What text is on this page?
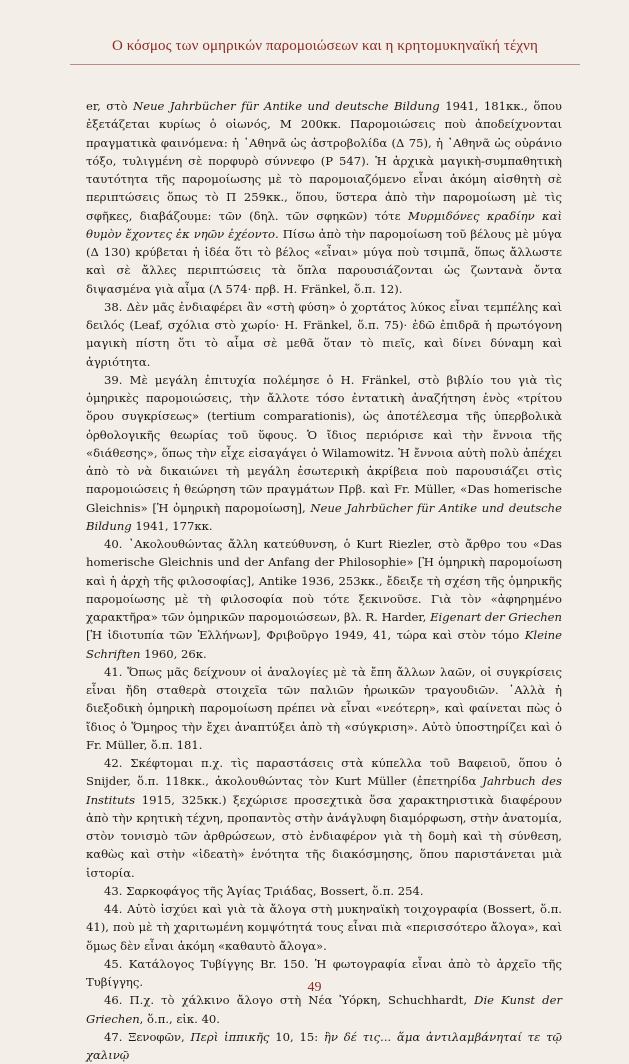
Ο κόσμος των ομηρικών παρομοιώσεων και η κρητομυκηναϊκή τέχνη

er, στὸ Neue Jahrbücher für Antike und deutsche Bildung 1941, 181κκ., ὅπου ἐξετάζεται κυρίως ὁ οἰωνός, Μ 200κκ. Παρομοιώσεις ποὺ ἀποδείχνονται πραγματικὰ φαινόμενα: ἡ ᾿Αθηνᾶ ὡς ἀστροβολίδα (Δ 75), ἡ ᾿Αθηνᾶ ὡς οὐράνιο τόξο, τυλιγμένη σὲ πορφυρὸ σύννεφο (Ρ 547). Ἡ ἀρχικὰ μαγικὴ-συμπαθητικὴ ταυτότητα τῆς παρομοίωσης μὲ τὸ παρομοιαζόμενο εἶναι ἀκόμη αἰσθητὴ σὲ περιπτώσεις ὅπως τὸ Π 259κκ., ὅπου, ὕστερα ἀπὸ τὴν παρομοίωση μὲ τὶς σφῆκες, διαβάζουμε: τῶν (δηλ. τῶν σφηκῶν) τότε Μυρμιδόνες κραδίην καὶ θυμὸν ἔχοντες ἐκ νηῶν ἐχέοντο. Πίσω ἀπὸ τὴν παρομοίωση τοῦ βέλους μὲ μύγα (Δ 130) κρύβεται ἡ ἰδέα ὅτι τὸ βέλος «εἶναι» μύγα ποὺ τσιμπᾶ, ὅπως ἄλλωστε καὶ σὲ ἄλλες περιπτώσεις τὰ ὅπλα παρουσιάζονται ὡς ζωντανὰ ὄντα διψασμένα γιὰ αἷμα (Λ 574· πρβ. H. Fränkel, ὅ.π. 12).

38. Δὲν μᾶς ἐνδιαφέρει ἂν «στὴ φύση» ὁ χορτάτος λύκος εἶναι τεμπέλης καὶ δειλός (Leaf, σχόλια στὸ χωρίο· H. Fränkel, ὅ.π. 75)· ἐδῶ ἐπιδρᾶ ἡ πρωτόγονη μαγικὴ πίστη ὅτι τὸ αἷμα σὲ μεθᾶ ὅταν τὸ πιεῖς, καὶ δίνει δύναμη καὶ ἀγριότητα.

39. Μὲ μεγάλη ἐπιτυχία πολέμησε ὁ H. Fränkel, στὸ βιβλίο του γιὰ τὶς ὁμηρικὲς παρομοιώσεις, τὴν ἄλλοτε τόσο ἐντατικὴ ἀναζήτηση ἑνὸς «τρίτου ὅρου συγκρίσεως» (tertium comparationis), ὡς ἀποτέλεσμα τῆς ὑπερβολικὰ ὀρθολογικῆς θεωρίας τοῦ ὕφους. Ὁ ἴδιος περιόρισε καὶ τὴν ἔννοια τῆς «διάθεσης», ὅπως τὴν εἶχε εἰσαγάγει ὁ Wilamowitz. Ἡ ἔννοια αὐτὴ πολὺ ἀπέχει ἀπὸ τὸ νὰ δικαιώνει τὴ μεγάλη ἐσωτερικὴ ἀκρίβεια ποὺ παρουσιάζει στὶς παρομοιώσεις ἡ θεώρηση τῶν πραγμάτων Πρβ. καὶ Fr. Müller, «Das homerische Gleichnis» [Ἡ ὁμηρικὴ παρομοίωση], Neue Jahrbücher für Antike und deutsche Bildung 1941, 177κκ.

40. ᾿Ακολουθώντας ἄλλη κατεύθυνση, ὁ Kurt Riezler, στὸ ἄρθρο του «Das homerische Gleichnis und der Anfang der Philosophie» [Ἡ ὁμηρικὴ παρομοίωση καὶ ἡ ἀρχὴ τῆς φιλοσοφίας], Antike 1936, 253κκ., ἔδειξε τὴ σχέση τῆς ὁμηρικῆς παρομοίωσης μὲ τὴ φιλοσοφία ποὺ τότε ξεκινοῦσε. Γιὰ τὸν «ἀφηρημένο χαρακτῆρα» τῶν ὁμηρικῶν παρομοιώσεων, βλ. R. Harder, Eigenart der Griechen [Ἡ ἰδιοτυπία τῶν Ἑλλήνων], Φριβοῦργο 1949, 41, τώρα καὶ στὸν τόμο Kleine Schriften 1960, 26κ.

41. Ὅπως μᾶς δείχνουν οἱ ἀναλογίες μὲ τὰ ἔπη ἄλλων λαῶν, οἱ συγκρίσεις εἶναι ἤδη σταθερὰ στοιχεῖα τῶν παλιῶν ἡρωικῶν τραγουδιῶν. ᾿Αλλὰ ἡ διεξοδικὴ ὁμηρικὴ παρομοίωση πρέπει νὰ εἶναι «νεότερη», καὶ φαίνεται πὼς ὁ ἴδιος ὁ Ὅμηρος τὴν ἔχει ἀναπτύξει ἀπὸ τὴ «σύγκριση». Αὐτὸ ὑποστηρίζει καὶ ὁ Fr. Müller, ὅ.π. 181.

42. Σκέφτομαι π.χ. τὶς παραστάσεις στὰ κύπελλα τοῦ Βαφειοῦ, ὅπου ὁ Snijder, ὅ.π. 118κκ., ἀκολουθώντας τὸν Kurt Müller (ἐπετηρίδα Jahrbuch des Instituts 1915, 325κκ.) ξεχώρισε προσεχτικὰ ὅσα χαρακτηριστικὰ διαφέρουν ἀπὸ τὴν κρητικὴ τέχνη, προπαντὸς στὴν ἀνάγλυφη διαμόρφωση, στὴν ἀνατομία, στὸν τονισμὸ τῶν ἀρθρώσεων, στὸ ἐνδιαφέρον γιὰ τὴ δομὴ καὶ τὴ σύνθεση, καθὼς καὶ στὴν «ἰδεατὴ» ἑνότητα τῆς διακόσμησης, ὅπου παριστάνεται μιὰ ἱστορία.

43. Σαρκοφάγος τῆς Ἁγίας Τριάδας, Bossert, ὅ.π. 254.

44. Αὐτὸ ἰσχύει καὶ γιὰ τὰ ἄλογα στὴ μυκηναϊκὴ τοιχογραφία (Bossert, ὅ.π. 41), ποὺ μὲ τὴ χαριτωμένη κομψότητά τους εἶναι πιὰ «περισσότερο ἄλογα», καὶ ὅμως δὲν εἶναι ἀκόμη «καθαυτὸ ἄλογα».

45. Κατάλογος Τυβίγγης Br. 150. Ἡ φωτογραφία εἶναι ἀπὸ τὸ ἀρχεῖο τῆς Τυβίγγης.

46. Π.χ. τὸ χάλκινο ἄλογο στὴ Νέα Ὑόρκη, Schuchhardt, Die Kunst der Griechen, ὅ.π., εἰκ. 40.

47. Ξενοφῶν, Περὶ ἱππικῆς 10, 15: ἢν δέ τις... ἅμα ἀντιλαμβάνηταί τε τῷ χαλινῷ

49
